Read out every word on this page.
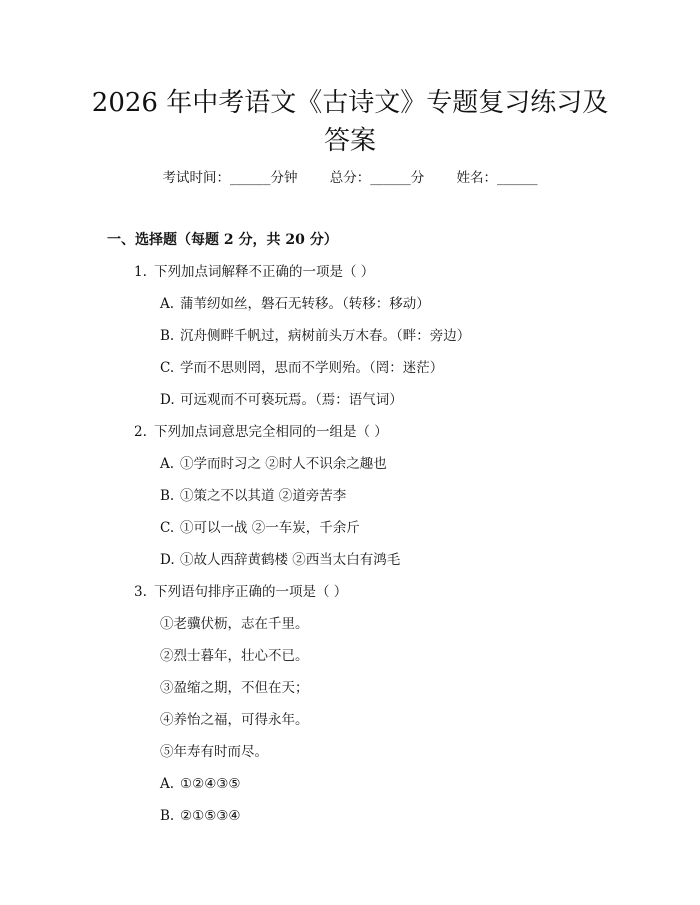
2026 年中考语文《古诗文》专题复习练习及
答案
考试时间：______分钟 总分：______分 姓名：______
一、选择题（每题 2 分，共 20 分）
1. 下列加点词解释不正确的一项是（ ）
A. 蒲苇纫如丝，磐石无转移。（转移：移动）
B. 沉舟侧畔千帆过，病树前头万木春。（畔：旁边）
C. 学而不思则罔，思而不学则殆。（罔：迷茫）
D. 可远观而不可亵玩焉。（焉：语气词）
2. 下列加点词意思完全相同的一组是（ ）
A. ①学而时习之 ②时人不识余之趣也
B. ①策之不以其道 ②道旁苦李
C. ①可以一战 ②一车炭，千余斤
D. ①故人西辞黄鹤楼 ②西当太白有鸿毛
3. 下列语句排序正确的一项是（ ）
①老骥伏枥，志在千里。
②烈士暮年，壮心不已。
③盈缩之期，不但在天；
④养怡之福，可得永年。
⑤年寿有时而尽。
A. ①②④③⑤
B. ②①⑤③④
